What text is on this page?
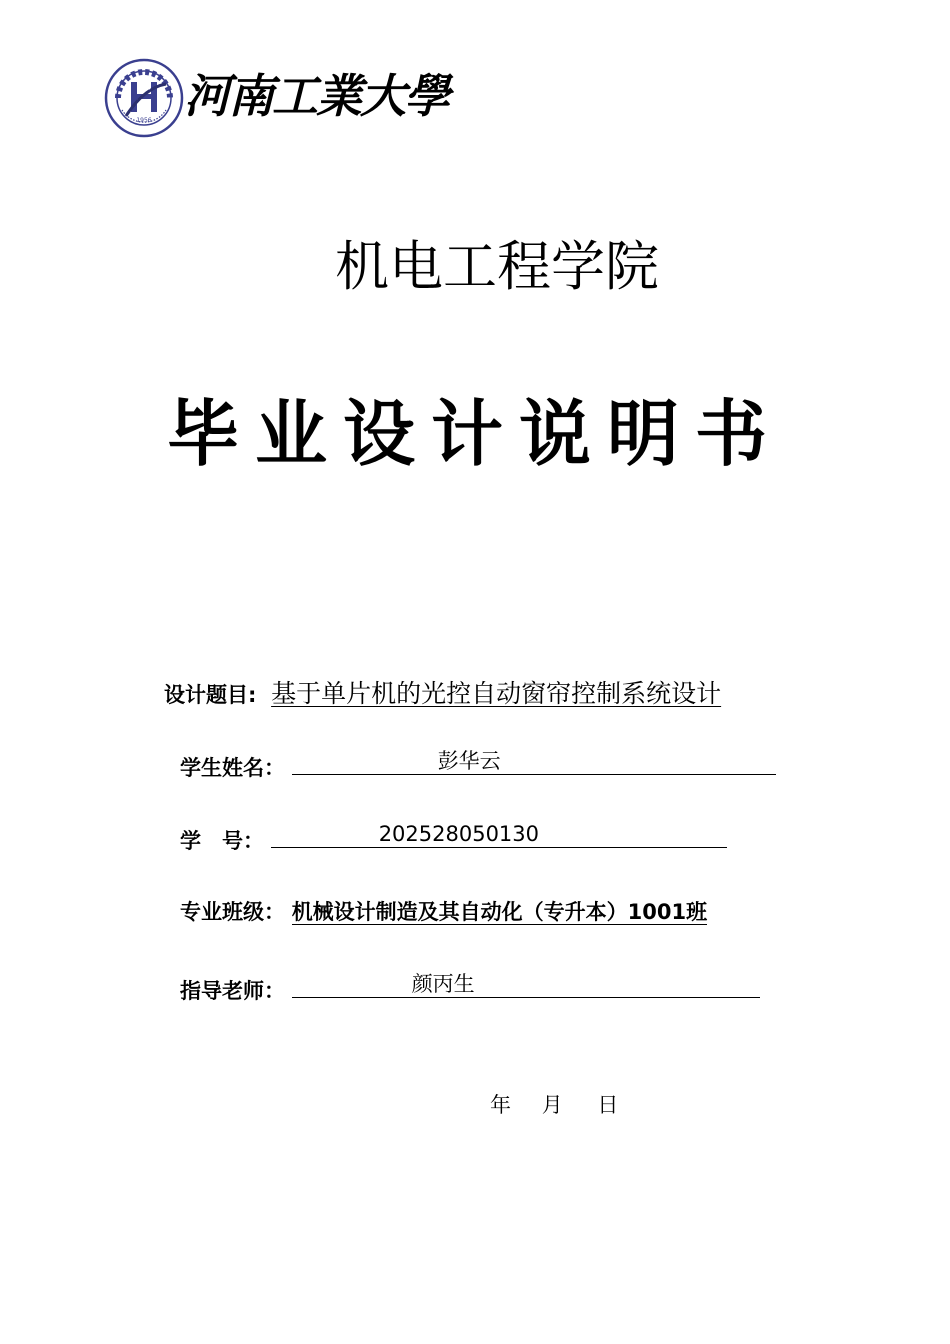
1956 河南工業大學
机电工程学院
毕业设计说明书
设计题目: 基于单片机的光控自动窗帘控制系统设计
学生姓名：	彭华云
学　号：	202528050130
专业班级： 机械设计制造及其自动化（专升本）1001班
指导老师：	颜丙生
年 月 日
